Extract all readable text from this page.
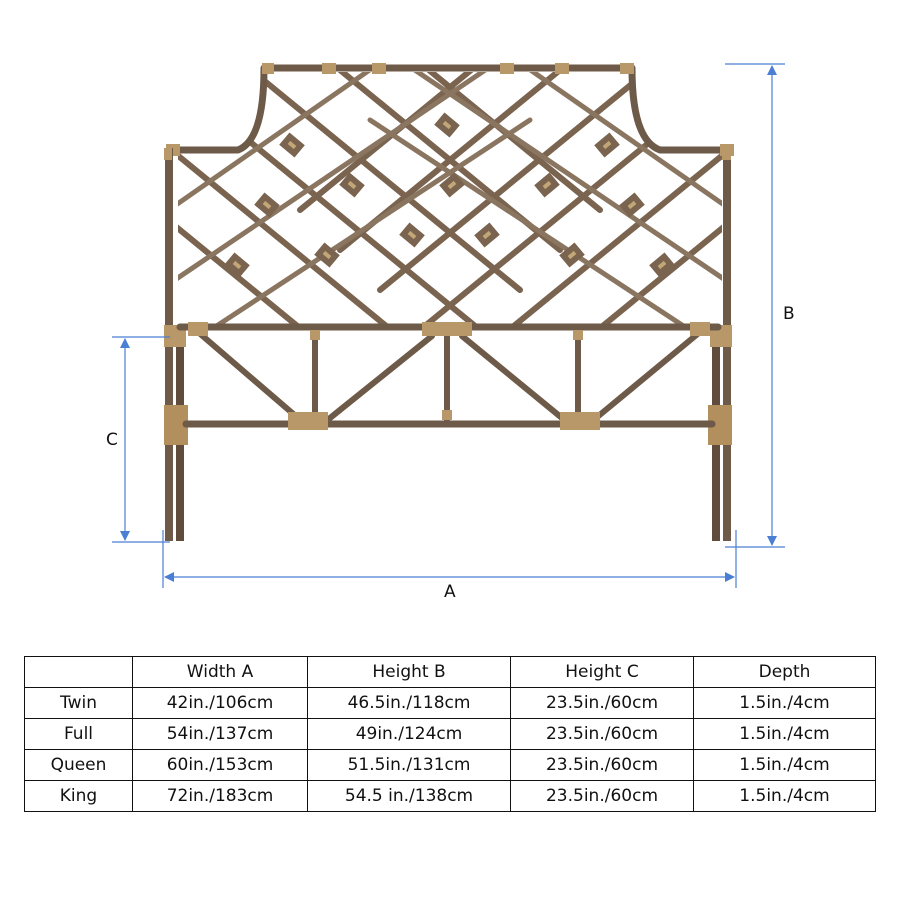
B
C
A
	Width A	Height B	Height C	Depth
Twin	42in./106cm	46.5in./118cm	23.5in./60cm	1.5in./4cm
Full	54in./137cm	49in./124cm	23.5in./60cm	1.5in./4cm
Queen	60in./153cm	51.5in./131cm	23.5in./60cm	1.5in./4cm
King	72in./183cm	54.5 in./138cm	23.5in./60cm	1.5in./4cm
